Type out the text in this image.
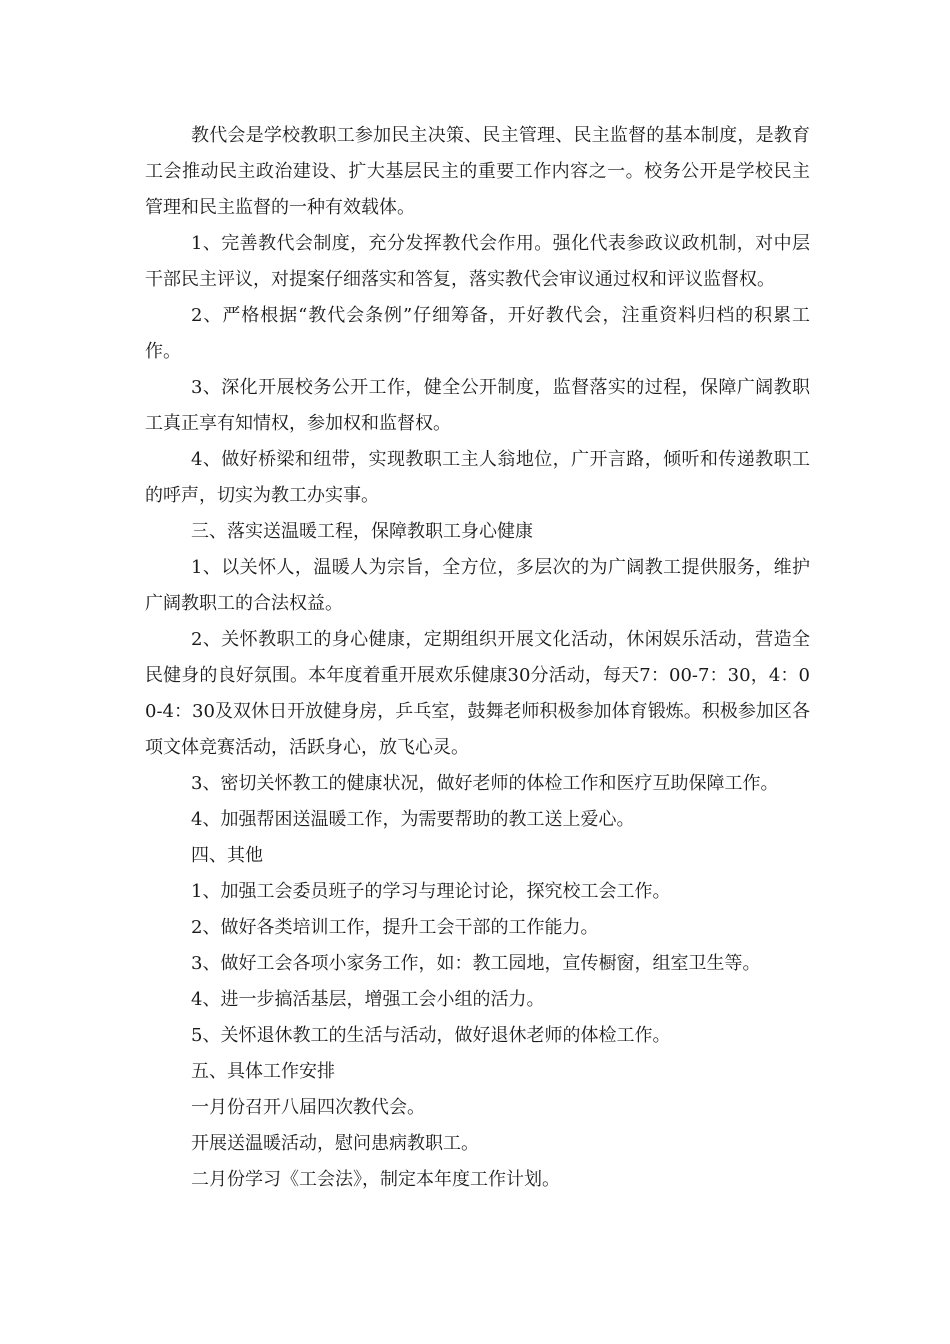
教代会是学校教职工参加民主决策、民主管理、民主监督的基本制度，是教育工会推动民主政治建设、扩大基层民主的重要工作内容之一。校务公开是学校民主管理和民主监督的一种有效载体。

1、完善教代会制度，充分发挥教代会作用。强化代表参政议政机制，对中层干部民主评议，对提案仔细落实和答复，落实教代会审议通过权和评议监督权。

2、严格根据“教代会条例”仔细筹备，开好教代会，注重资料归档的积累工作。

3、深化开展校务公开工作，健全公开制度，监督落实的过程，保障广阔教职工真正享有知情权，参加权和监督权。

4、做好桥梁和纽带，实现教职工主人翁地位，广开言路，倾听和传递教职工的呼声，切实为教工办实事。

三、落实送温暖工程，保障教职工身心健康

1、以关怀人，温暖人为宗旨，全方位，多层次的为广阔教工提供服务，维护广阔教职工的合法权益。

2、关怀教职工的身心健康，定期组织开展文化活动，休闲娱乐活动，营造全民健身的良好氛围。本年度着重开展欢乐健康30分活动，每天7：00-7：30，4：00-4：30及双休日开放健身房，乒乓室，鼓舞老师积极参加体育锻炼。积极参加区各项文体竞赛活动，活跃身心，放飞心灵。

3、密切关怀教工的健康状况，做好老师的体检工作和医疗互助保障工作。

4、加强帮困送温暖工作，为需要帮助的教工送上爱心。

四、其他

1、加强工会委员班子的学习与理论讨论，探究校工会工作。

2、做好各类培训工作，提升工会干部的工作能力。

3、做好工会各项小家务工作，如：教工园地，宣传橱窗，组室卫生等。

4、进一步搞活基层，增强工会小组的活力。

5、关怀退休教工的生活与活动，做好退休老师的体检工作。

五、具体工作安排

一月份召开八届四次教代会。

开展送温暖活动，慰问患病教职工。

二月份学习《工会法》，制定本年度工作计划。
